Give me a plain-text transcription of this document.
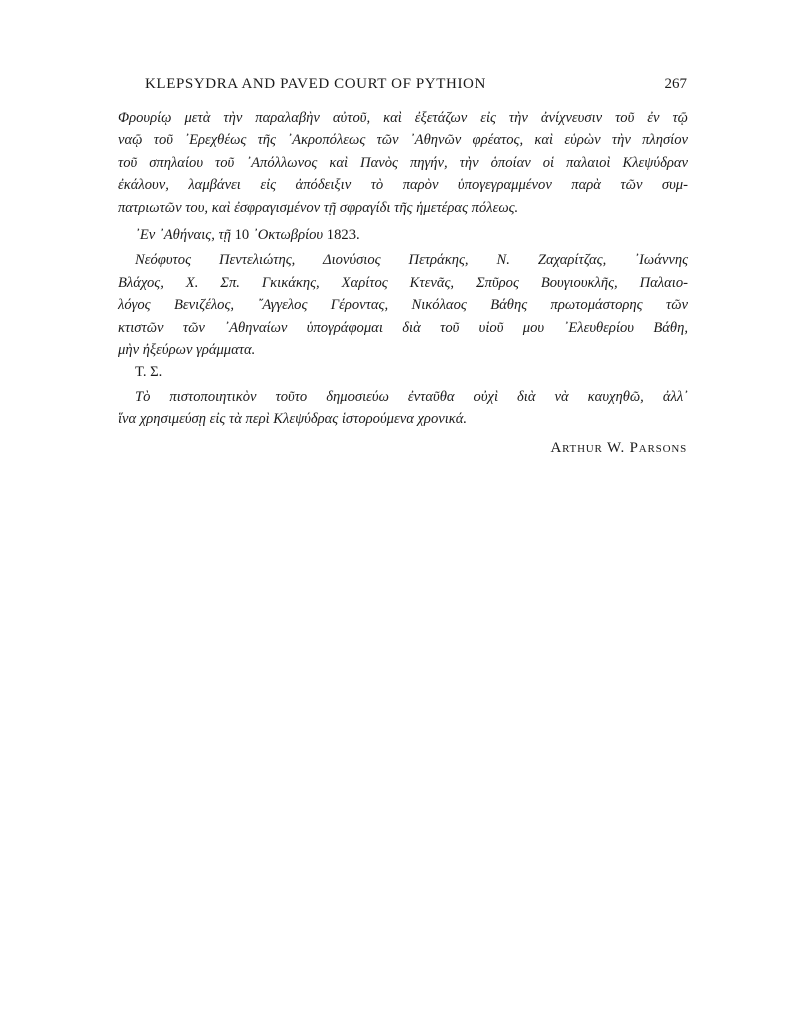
KLEPSYDRA AND PAVED COURT OF PYTHION	267
Φρουρίῳ μετὰ τὴν παραλαβὴν αὐτοῦ, καὶ ἐξετάζων εἰς τὴν ἀνίχνευσιν τοῦ ἐν τῷ
ναῷ τοῦ ᾿Ερεχθέως τῆς ᾿Ακροπόλεως τῶν ᾿Αθηνῶν φρέατος, καὶ εὑρὼν τὴν πλησίον
τοῦ σπηλαίου τοῦ ᾿Απόλλωνος καὶ Πανὸς πηγήν, τὴν ὁποίαν οἱ παλαιοὶ Κλεψύδραν
ἐκάλουν, λαμβάνει εἰς ἀπόδειξιν τὸ παρὸν ὑπογεγραμμένον παρὰ τῶν συμ-
πατριωτῶν του, καὶ ἐσφραγισμένον τῇ σφραγίδι τῆς ἡμετέρας πόλεως.
᾿Εν ᾿Αθήναις, τῇ 10 ᾿Οκτωβρίου 1823.
Νεόφυτος Πεντελιώτης, Διονύσιος Πετράκης, Ν. Ζαχαρίτζας, ᾿Ιωάννης
Βλάχος, Χ. Σπ. Γκικάκης, Χαρίτος Κτενᾶς, Σπῦρος Βουγιουκλῆς, Παλαιο-
λόγος Βενιζέλος, ῎Αγγελος Γέροντας, Νικόλαος Βάθης πρωτομάστορης τῶν
κτιστῶν τῶν ᾿Αθηναίων ὑπογράφομαι διὰ τοῦ υἱοῦ μου ᾿Ελευθερίου Βάθη,
μὴν ἠξεύρων γράμματα.
Τ. Σ.
Τὸ πιστοποιητικὸν τοῦτο δημοσιεύω ἐνταῦθα οὐχὶ διὰ νὰ καυχηθῶ, ἀλλ᾿
ἵνα χρησιμεύσῃ εἰς τὰ περὶ Κλεψύδρας ἱστορούμενα χρονικά.
Arthur W. Parsons
